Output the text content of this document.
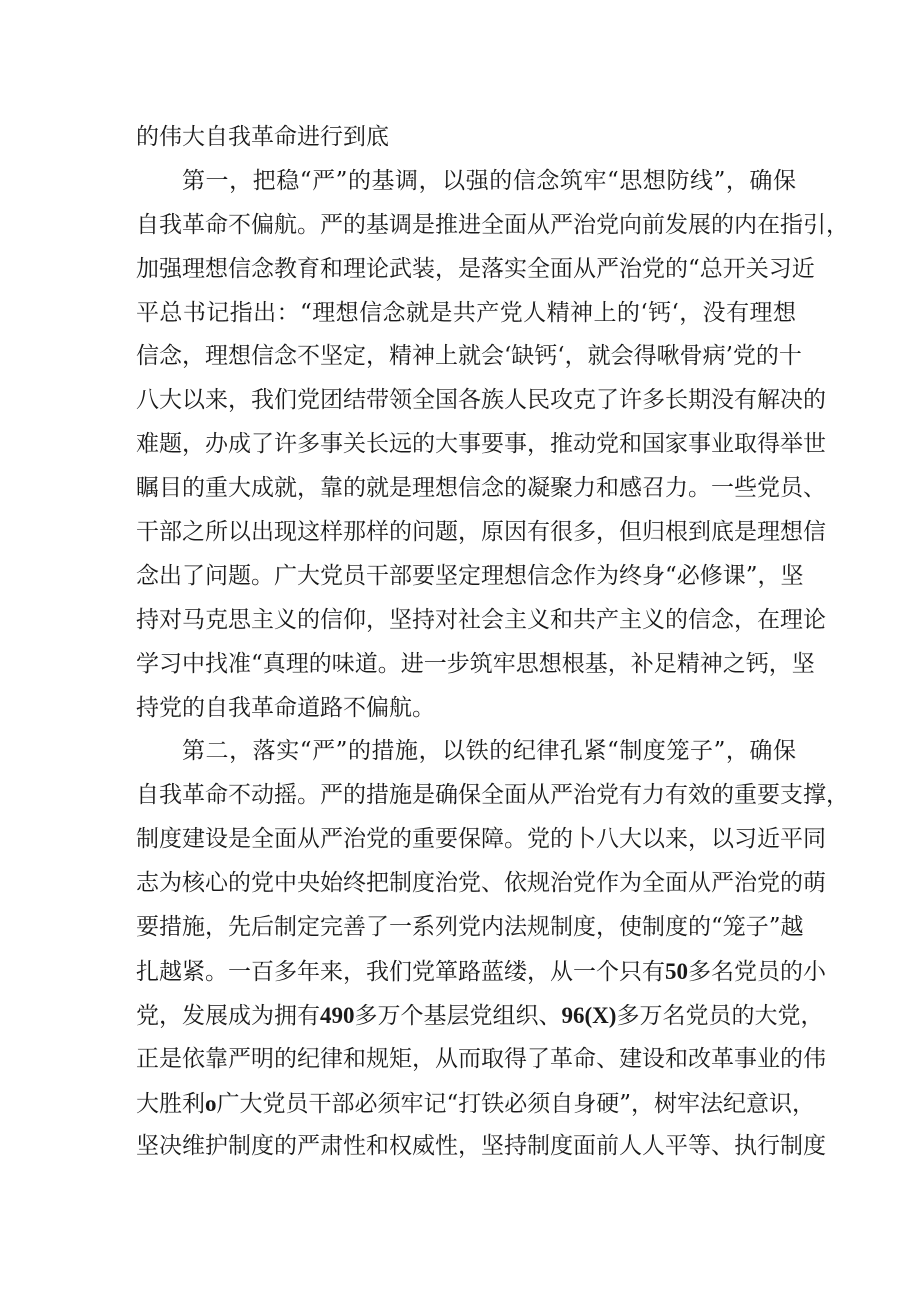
的伟大自我革命进行到底
第一，把稳“严”的基调，以强的信念筑牢“思想防线”，确保
自我革命不偏航。严的基调是推进全面从严治党向前发展的内在指引，
加强理想信念教育和理论武装，是落实全面从严治党的“总开关习近
平总书记指出：“理想信念就是共产党人精神上的‘钙‘，没有理想
信念，理想信念不坚定，精神上就会‘缺钙‘，就会得啾骨病’党的十
八大以来，我们党团结带领全国各族人民攻克了许多长期没有解决的
难题，办成了许多事关长远的大事要事，推动党和国家事业取得举世
瞩目的重大成就，靠的就是理想信念的凝聚力和感召力。一些党员、
干部之所以出现这样那样的问题，原因有很多，但归根到底是理想信
念出了问题。广大党员干部要坚定理想信念作为终身“必修课”，坚
持对马克思主义的信仰，坚持对社会主义和共产主义的信念，在理论
学习中找准“真理的味道。进一步筑牢思想根基，补足精神之钙，坚
持党的自我革命道路不偏航。
第二，落实“严”的措施，以铁的纪律孔紧“制度笼子”，确保
自我革命不动摇。严的措施是确保全面从严治党有力有效的重要支撑，
制度建设是全面从严治党的重要保障。党的卜八大以来，以习近平同
志为核心的党中央始终把制度治党、依规治党作为全面从严治党的萌
要措施，先后制定完善了一系列党内法规制度，使制度的“笼子”越
扎越紧。一百多年来，我们党箪路蓝缕，从一个只有50多名党员的小
党，发展成为拥有490多万个基层党组织、96(X)多万名党员的大党，
正是依靠严明的纪律和规矩，从而取得了革命、建设和改革事业的伟
大胜利o广大党员干部必须牢记“打铁必须自身硬”，树牢法纪意识，
坚决维护制度的严肃性和权威性，坚持制度面前人人平等、执行制度
